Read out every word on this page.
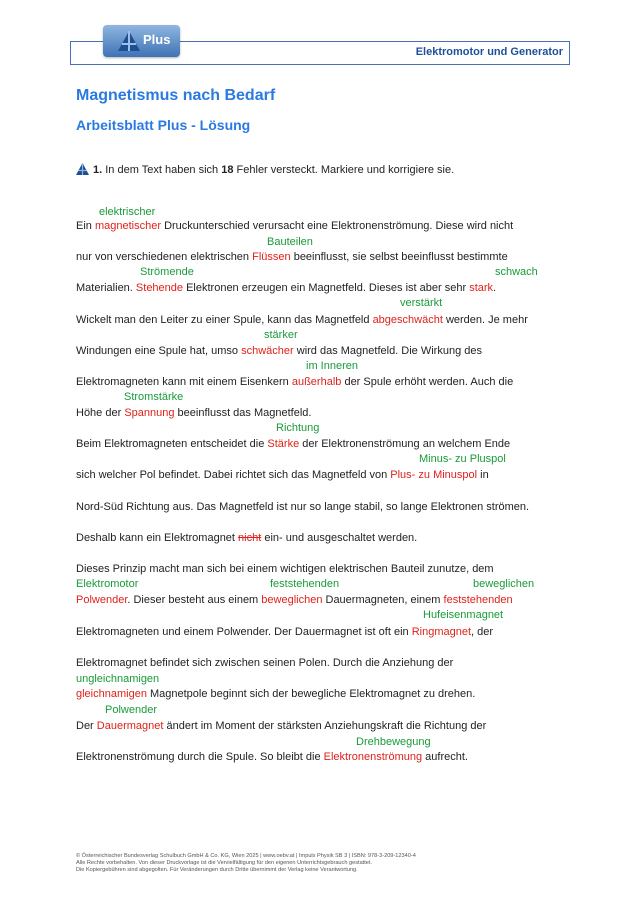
Elektromotor und Generator
Plus
Magnetismus nach Bedarf
Arbeitsblatt Plus - Lösung
1. In dem Text haben sich 18 Fehler versteckt. Markiere und korrigiere sie.
elektrischer
Bauteilen
Strömende	schwach
verstärkt
stärker
im Inneren
Stromstärke
Richtung
Minus- zu Pluspol
Elektromotor	feststehenden	beweglichen
Hufeisenmagnet
ungleichnamigen
Polwender
Drehbewegung
Ein magnetischer Druckunterschied verursacht eine Elektronenströmung. Diese wird nicht
nur von verschiedenen elektrischen Flüssen beeinflusst, sie selbst beeinflusst bestimmte
Materialien. Stehende Elektronen erzeugen ein Magnetfeld. Dieses ist aber sehr stark.
Wickelt man den Leiter zu einer Spule, kann das Magnetfeld abgeschwächt werden. Je mehr
Windungen eine Spule hat, umso schwächer wird das Magnetfeld. Die Wirkung des
Elektromagneten kann mit einem Eisenkern außerhalb der Spule erhöht werden. Auch die
Höhe der Spannung beeinflusst das Magnetfeld.
Beim Elektromagneten entscheidet die Stärke der Elektronenströmung an welchem Ende
sich welcher Pol befindet. Dabei richtet sich das Magnetfeld von Plus- zu Minuspol in
Nord-Süd Richtung aus. Das Magnetfeld ist nur so lange stabil, so lange Elektronen strömen.
Deshalb kann ein Elektromagnet nicht ein- und ausgeschaltet werden.
Dieses Prinzip macht man sich bei einem wichtigen elektrischen Bauteil zunutze, dem
Polwender. Dieser besteht aus einem beweglichen Dauermagneten, einem feststehenden
Elektromagneten und einem Polwender. Der Dauermagnet ist oft ein Ringmagnet, der
Elektromagnet befindet sich zwischen seinen Polen. Durch die Anziehung der
gleichnamigen Magnetpole beginnt sich der bewegliche Elektromagnet zu drehen.
Der Dauermagnet ändert im Moment der stärksten Anziehungskraft die Richtung der
Elektronenströmung durch die Spule. So bleibt die Elektronenströmung aufrecht.
© Österreichischer Bundesverlag Schulbuch GmbH & Co. KG, Wien 2025 | www.oebv.at | Impuls Physik SB 3 | ISBN: 978-3-209-12340-4
Alle Rechte vorbehalten. Von dieser Druckvorlage ist die Vervielfältigung für den eigenen Unterrichtsgebrauch gestattet.
Die Kopiergebühren sind abgegolten. Für Veränderungen durch Dritte übernimmt der Verlag keine Verantwortung.
